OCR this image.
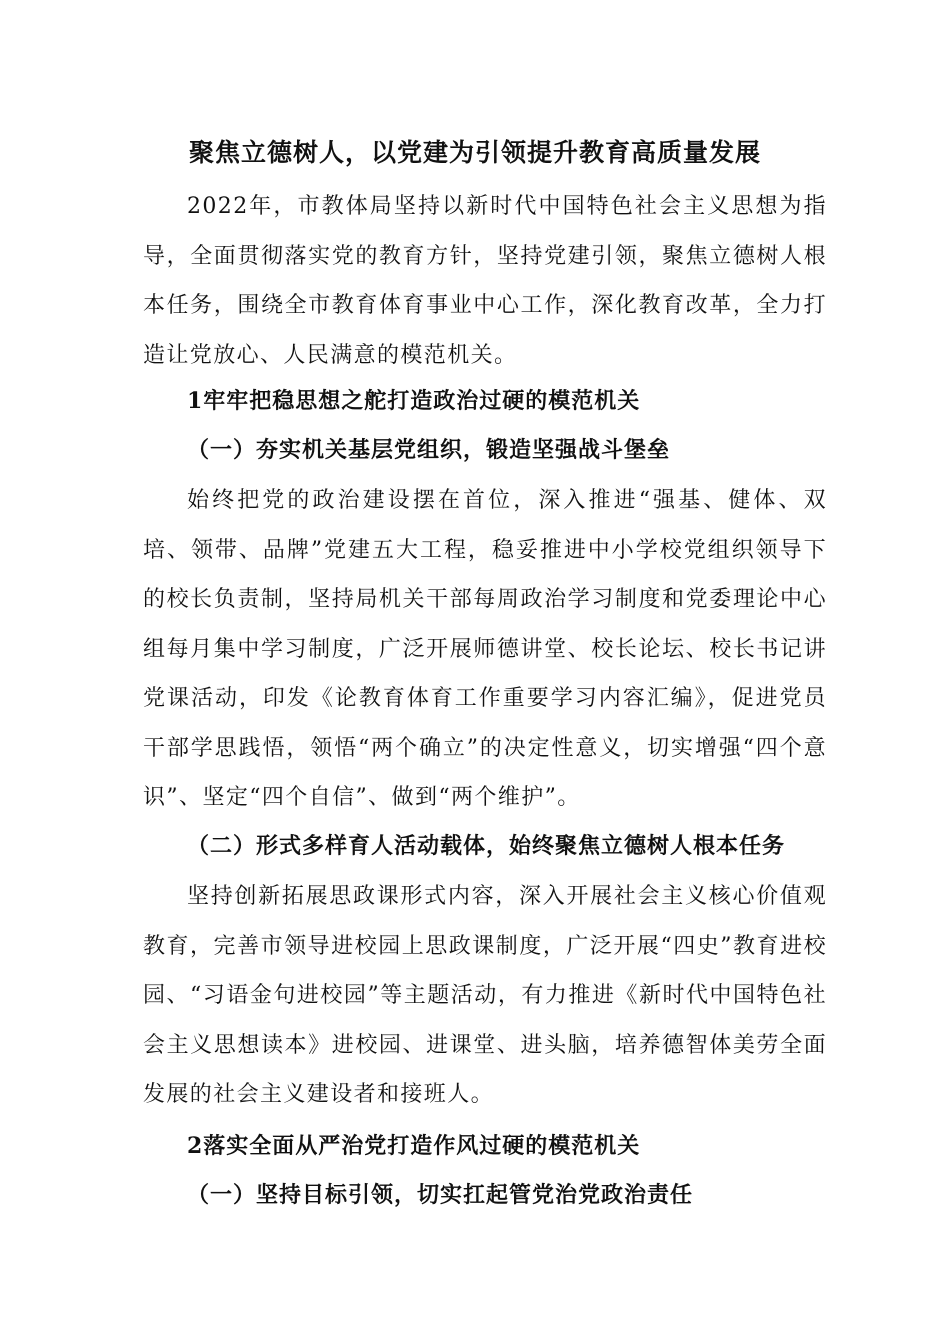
聚焦立德树人，以党建为引领提升教育高质量发展

2022年，市教体局坚持以新时代中国特色社会主义思想为指导，全面贯彻落实党的教育方针，坚持党建引领，聚焦立德树人根本任务，围绕全市教育体育事业中心工作，深化教育改革，全力打造让党放心、人民满意的模范机关。

1牢牢把稳思想之舵打造政治过硬的模范机关
（一）夯实机关基层党组织，锻造坚强战斗堡垒

始终把党的政治建设摆在首位，深入推进“强基、健体、双培、领带、品牌”党建五大工程，稳妥推进中小学校党组织领导下的校长负责制，坚持局机关干部每周政治学习制度和党委理论中心组每月集中学习制度，广泛开展师德讲堂、校长论坛、校长书记讲党课活动，印发《论教育体育工作重要学习内容汇编》，促进党员干部学思践悟，领悟“两个确立”的决定性意义，切实增强“四个意识”、坚定“四个自信”、做到“两个维护”。

（二）形式多样育人活动载体，始终聚焦立德树人根本任务

坚持创新拓展思政课形式内容，深入开展社会主义核心价值观教育，完善市领导进校园上思政课制度，广泛开展“四史”教育进校园、“习语金句进校园”等主题活动，有力推进《新时代中国特色社会主义思想读本》进校园、进课堂、进头脑，培养德智体美劳全面发展的社会主义建设者和接班人。

2落实全面从严治党打造作风过硬的模范机关
（一）坚持目标引领，切实扛起管党治党政治责任
